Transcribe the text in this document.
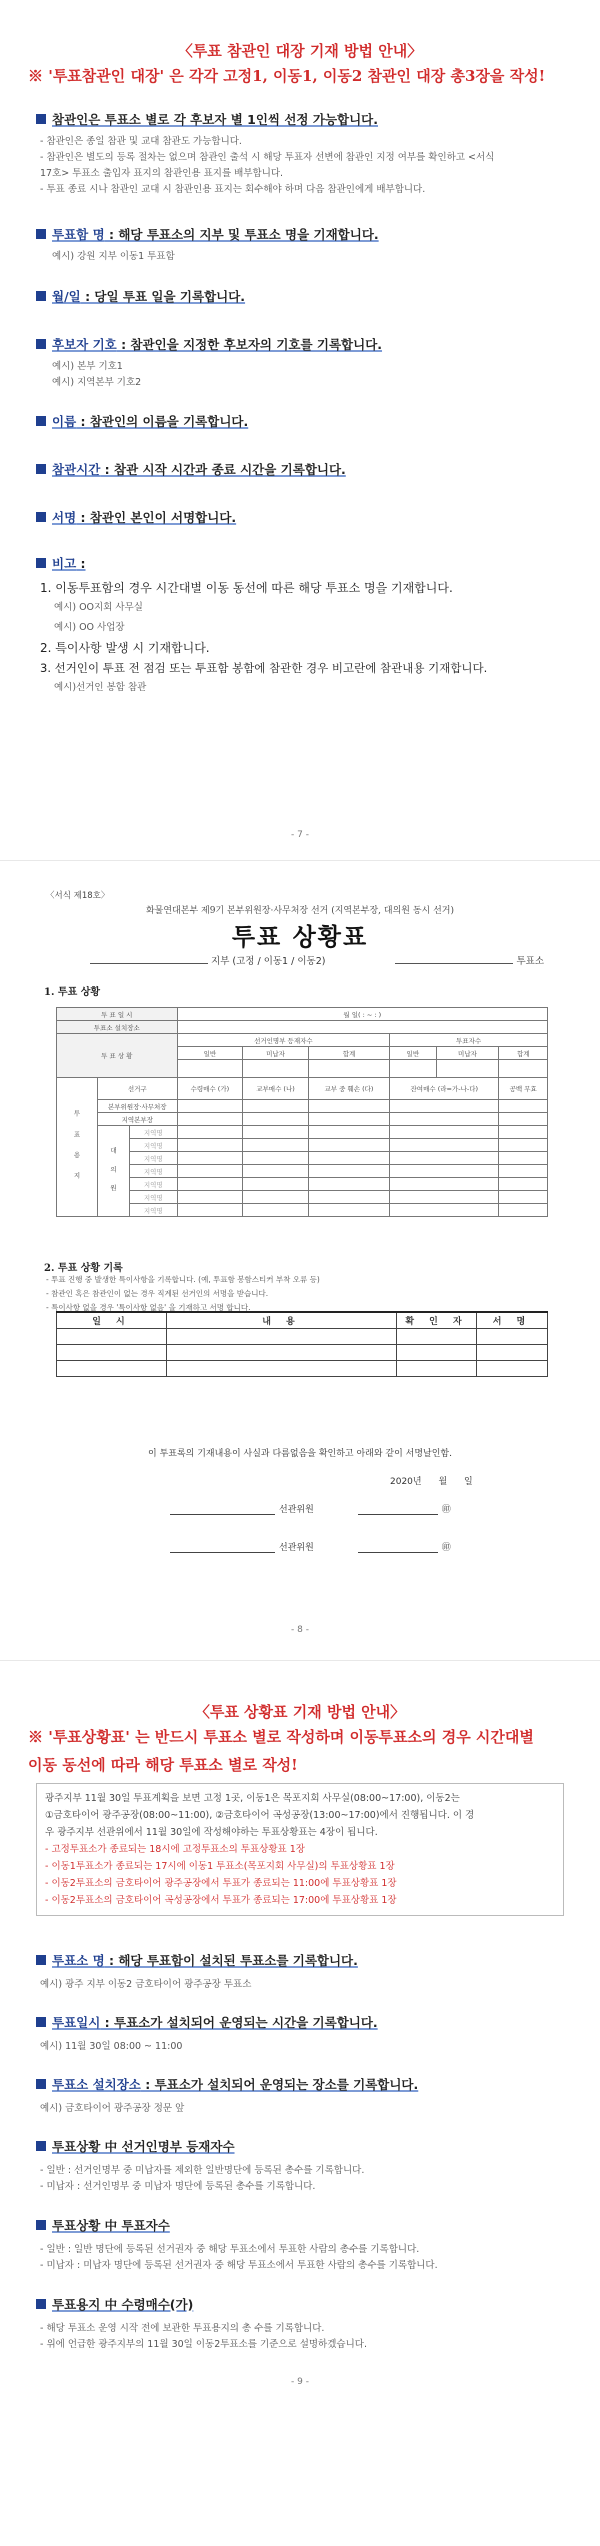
〈투표 참관인 대장 기재 방법 안내〉
※ '투표참관인 대장' 은 각각 고정1, 이동1, 이동2 참관인 대장 총3장을 작성!
참관인은 투표소 별로 각 후보자 별 1인씩 선정 가능합니다.
- 참관인은 종일 참관 및 교대 참관도 가능합니다.
- 참관인은 별도의 등록 절차는 없으며 참관인 출석 시 해당 투표자 선변에 참관인 지정 여부를 확인하고 <서식
17호> 투표소 출입자 표지의 참관인용 표지를 배부합니다.
- 투표 종료 시나 참관인 교대 시 참관인용 표지는 회수해야 하며 다음 참관인에게 배부합니다.
투표함 명 : 해당 투표소의 지부 및 투표소 명을 기재합니다.
예시) 강원 지부 이동1 투표함
월/일 : 당일 투표 일을 기록합니다.
후보자 기호 : 참관인을 지정한 후보자의 기호를 기록합니다.
예시) 본부 기호1
예시) 지역본부 기호2
이름 : 참관인의 이름을 기록합니다.
참관시간 : 참관 시작 시간과 종료 시간을 기록합니다.
서명 : 참관인 본인이 서명합니다.
비고 :
1. 이동투표함의 경우 시간대별 이동 동선에 따른 해당 투표소 명을 기재합니다.
예시) OO지회 사무실
예시) OO 사업장
2. 특이사항 발생 시 기재합니다.
3. 선거인이 투표 전 점검 또는 투표함 봉함에 참관한 경우 비고란에 참관내용 기재합니다.
예시)선거인 봉함 참관
- 7 -
〈서식 제18호〉
화물연대본부 제9기 본부위원장·사무처장 선거 (지역본부장, 대의원 동시 선거)
투표 상황표
지부 (고정 / 이동1 / 이동2)	투표소
1. 투표 상황
투 표 일 시			월 일( : ~ : )					
투표소 설치장소								
투 표 상 황			선거인명부 등재자수			투표자수		
			일반	미납자	합계	일반	미납자	합계

투 표 용 지	선거구		수령매수 (가)	교부매수 (나)	교부 중 훼손 (다)	잔여매수 (라=가-나-다)		공백 무효
	본부위원장·사무처장							
	지역본부장							
	대 의 원	지역명						
		지역명						
		지역명						
		지역명						
		지역명						
		지역명						
		지역명						
2. 투표 상황 기록
- 투표 진행 중 발생한 특이사항을 기록합니다. (예, 투표함 봉함스티커 부착 오류 등)
- 참관인 혹은 참관인이 없는 경우 직계된 선거인의 서명을 받습니다.
- 특이사항 없을 경우 '특이사항 없음' 을 기재하고 서명 합니다.
일 시	내 용	확 인 자	서 명

이 투표록의 기재내용이 사실과 다름없음을 확인하고 아래와 같이 서명날인함.
2020년 월 일
선관위원	㊞
선관위원	㊞
- 8 -
〈투표 상황표 기재 방법 안내〉
※ '투표상황표' 는 반드시 투표소 별로 작성하며 이동투표소의 경우 시간대별
이동 동선에 따라 해당 투표소 별로 작성!
광주지부 11월 30일 투표계획을 보면 고정 1곳, 이동1은 목포지회 사무실(08:00~17:00), 이동2는
①금호타이어 광주공장(08:00~11:00), ②금호타이어 곡성공장(13:00~17:00)에서 진행됩니다. 이 경
우 광주지부 선관위에서 11월 30일에 작성해야하는 투표상황표는 4장이 됩니다.
- 고정투표소가 종료되는 18시에 고정투표소의 투표상황표 1장
- 이동1투표소가 종료되는 17시에 이동1 투표소(목포지회 사무실)의 투표상황표 1장
- 이동2투표소의 금호타이어 광주공장에서 투표가 종료되는 11:00에 투표상황표 1장
- 이동2투표소의 금호타이어 곡성공장에서 투표가 종료되는 17:00에 투표상황표 1장
투표소 명 : 해당 투표함이 설치된 투표소를 기록합니다.
예시) 광주 지부 이동2 금호타이어 광주공장 투표소
투표일시 : 투표소가 설치되어 운영되는 시간을 기록합니다.
예시) 11월 30일 08:00 ~ 11:00
투표소 설치장소 : 투표소가 설치되어 운영되는 장소를 기록합니다.
예시) 금호타이어 광주공장 정문 앞
투표상황 中 선거인명부 등재자수
- 일반 : 선거인명부 중 미납자를 제외한 일반명단에 등록된 총수를 기록합니다.
- 미납자 : 선거인명부 중 미납자 명단에 등록된 총수를 기록합니다.
투표상황 中 투표자수
- 일반 : 일반 명단에 등록된 선거권자 중 해당 투표소에서 투표한 사람의 총수를 기록합니다.
- 미납자 : 미납자 명단에 등록된 선거권자 중 해당 투표소에서 투표한 사람의 총수를 기록합니다.
투표용지 中 수령매수(가)
- 해당 투표소 운영 시작 전에 보관한 투표용지의 총 수를 기록합니다.
- 위에 언급한 광주지부의 11월 30일 이동2투표소를 기준으로 설명하겠습니다.
- 9 -
